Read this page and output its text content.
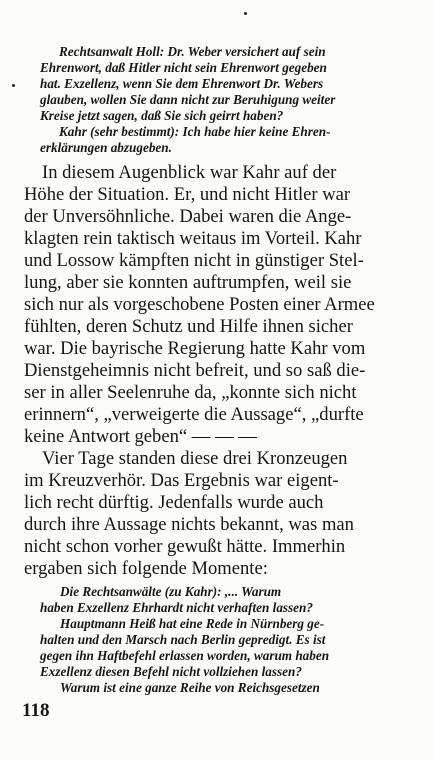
Rechtsanwalt Holl: Dr. Weber versichert auf sein
Ehrenwort, daß Hitler nicht sein Ehrenwort gegeben
hat. Exzellenz, wenn Sie dem Ehrenwort Dr. Webers
glauben, wollen Sie dann nicht zur Beruhigung weiter
Kreise jetzt sagen, daß Sie sich geirrt haben?
Kahr (sehr bestimmt): Ich habe hier keine Ehren-
erklärungen abzugeben.
In diesem Augenblick war Kahr auf der
Höhe der Situation. Er, und nicht Hitler war
der Unversöhnliche. Dabei waren die Ange-
klagten rein taktisch weitaus im Vorteil. Kahr
und Lossow kämpften nicht in günstiger Stel-
lung, aber sie konnten auftrumpfen, weil sie
sich nur als vorgeschobene Posten einer Armee
fühlten, deren Schutz und Hilfe ihnen sicher
war. Die bayrische Regierung hatte Kahr vom
Dienstgeheimnis nicht befreit, und so saß die-
ser in aller Seelenruhe da, „konnte sich nicht
erinnern“, „verweigerte die Aussage“, „durfte
keine Antwort geben“ — — —
Vier Tage standen diese drei Kronzeugen
im Kreuzverhör. Das Ergebnis war eigent-
lich recht dürftig. Jedenfalls wurde auch
durch ihre Aussage nichts bekannt, was man
nicht schon vorher gewußt hätte. Immerhin
ergaben sich folgende Momente:
Die Rechtsanwälte (zu Kahr): ,... Warum
haben Exzellenz Ehrhardt nicht verhaften lassen?
Hauptmann Heiß hat eine Rede in Nürnberg ge-
halten und den Marsch nach Berlin gepredigt. Es ist
gegen ihn Haftbefehl erlassen worden, warum haben
Exzellenz diesen Befehl nicht vollziehen lassen?
Warum ist eine ganze Reihe von Reichsgesetzen
118
